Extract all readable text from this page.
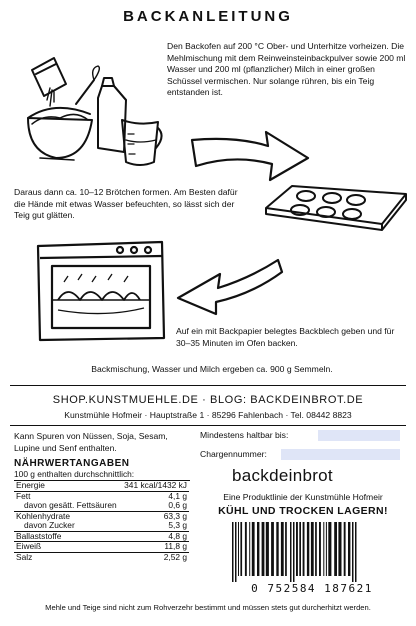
BACKANLEITUNG
Den Backofen auf 200 °C Ober- und Unterhitze vorheizen. Die Mehlmischung mit dem Reinweinsteinbackpulver sowie 200 ml Wasser und 200 ml (pflanzlicher) Milch in einer großen Schüssel vermischen. Nur solange rühren, bis ein Teig entstanden ist.
Daraus dann ca. 10–12 Brötchen formen. Am Besten dafür die Hände mit etwas Wasser befeuchten, so lässt sich der Teig gut glätten.
Auf ein mit Backpapier belegtes Backblech geben und für 30–35 Minuten im Ofen backen.
Backmischung, Wasser und Milch ergeben ca. 900 g Semmeln.
SHOP.KUNSTMUEHLE.DE · BLOG: BACKDEINBROT.DE
Kunstmühle Hofmeir · Hauptstraße 1 · 85296 Fahlenbach · Tel. 08442 8823
Kann Spuren von Nüssen, Soja, Sesam, Lupine und Senf enthalten.
NÄHRWERTANGABEN
100 g enthalten durchschnittlich:
Energie	341 kcal/1432 kJ
Fett	4,1 g
davon gesätt. Fettsäuren	0,6 g
Kohlenhydrate	63,3 g
davon Zucker	5,3 g
Ballaststoffe	4,8 g
Eiweiß	11,8 g
Salz	2,52 g
Mindestens haltbar bis:
Chargennummer:
backdeinbrot
Eine Produktlinie der Kunstmühle Hofmeir
KÜHL UND TROCKEN LAGERN!
0 752584 187621
Mehle und Teige sind nicht zum Rohverzehr bestimmt und müssen stets gut durcherhitzt werden.
